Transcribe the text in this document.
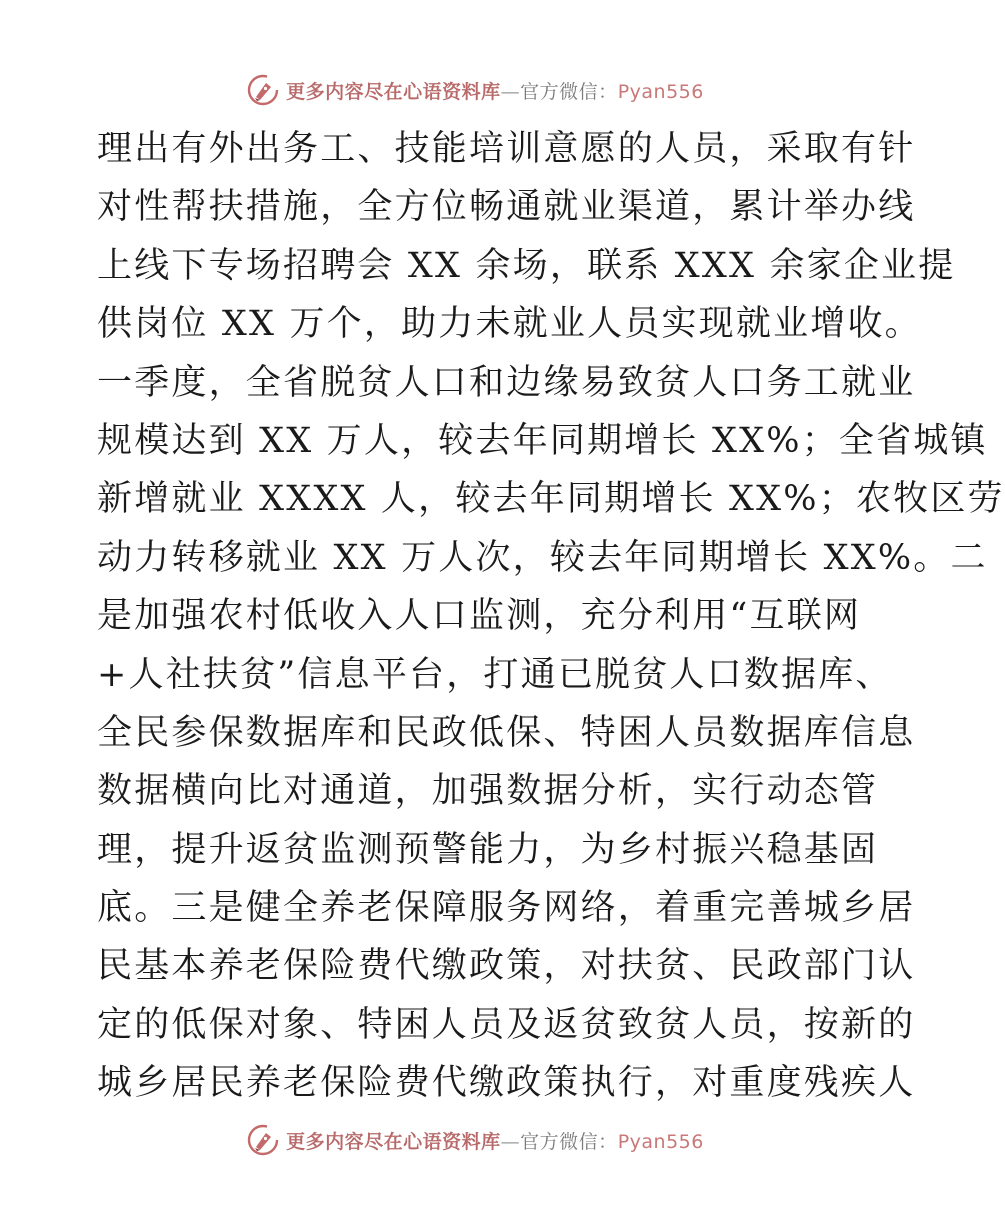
更多内容尽在心语资料库—官方微信：Pyan556
理出有外出务工、技能培训意愿的人员，采取有针
对性帮扶措施，全方位畅通就业渠道，累计举办线
上线下专场招聘会 XX 余场，联系 XXX 余家企业提
供岗位 XX 万个，助力未就业人员实现就业增收。
一季度，全省脱贫人口和边缘易致贫人口务工就业
规模达到 XX 万人，较去年同期增长 XX%；全省城镇
新增就业 XXXX 人，较去年同期增长 XX%；农牧区劳
动力转移就业 XX 万人次，较去年同期增长 XX%。二
是加强农村低收入人口监测，充分利用“互联网
+人社扶贫”信息平台，打通已脱贫人口数据库、
全民参保数据库和民政低保、特困人员数据库信息
数据横向比对通道，加强数据分析，实行动态管
理，提升返贫监测预警能力，为乡村振兴稳基固
底。三是健全养老保障服务网络，着重完善城乡居
民基本养老保险费代缴政策，对扶贫、民政部门认
定的低保对象、特困人员及返贫致贫人员，按新的
城乡居民养老保险费代缴政策执行，对重度残疾人
更多内容尽在心语资料库—官方微信：Pyan556
